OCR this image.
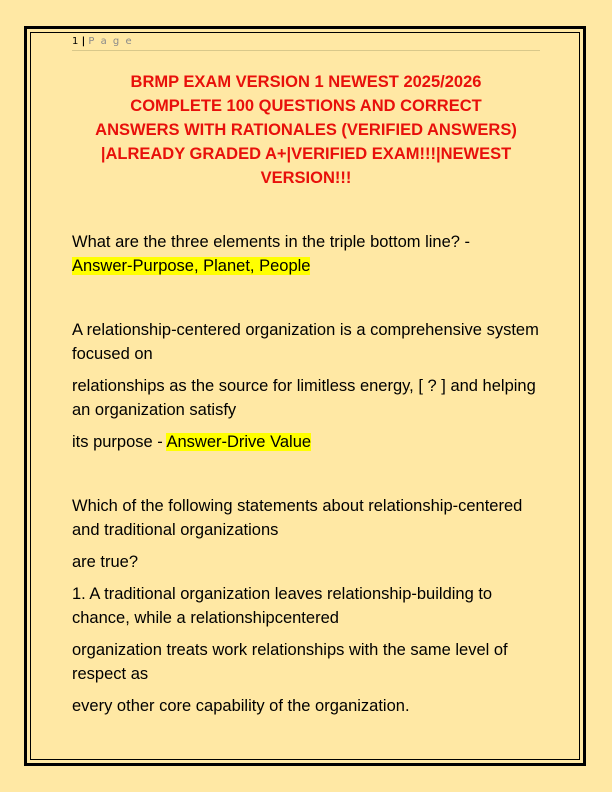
1 | P a g e
BRMP EXAM VERSION 1 NEWEST 2025/2026
COMPLETE 100 QUESTIONS AND CORRECT
ANSWERS WITH RATIONALES (VERIFIED ANSWERS)
|ALREADY GRADED A+|VERIFIED EXAM!!!|NEWEST
VERSION!!!

What are the three elements in the triple bottom line? -
Answer-Purpose, Planet, People

A relationship-centered organization is a comprehensive system focused on

relationships as the source for limitless energy, [ ? ] and helping an organization satisfy

its purpose - Answer-Drive Value

Which of the following statements about relationship-centered and traditional organizations

are true?

1. A traditional organization leaves relationship-building to chance, while a relationshipcentered

organization treats work relationships with the same level of respect as

every other core capability of the organization.
